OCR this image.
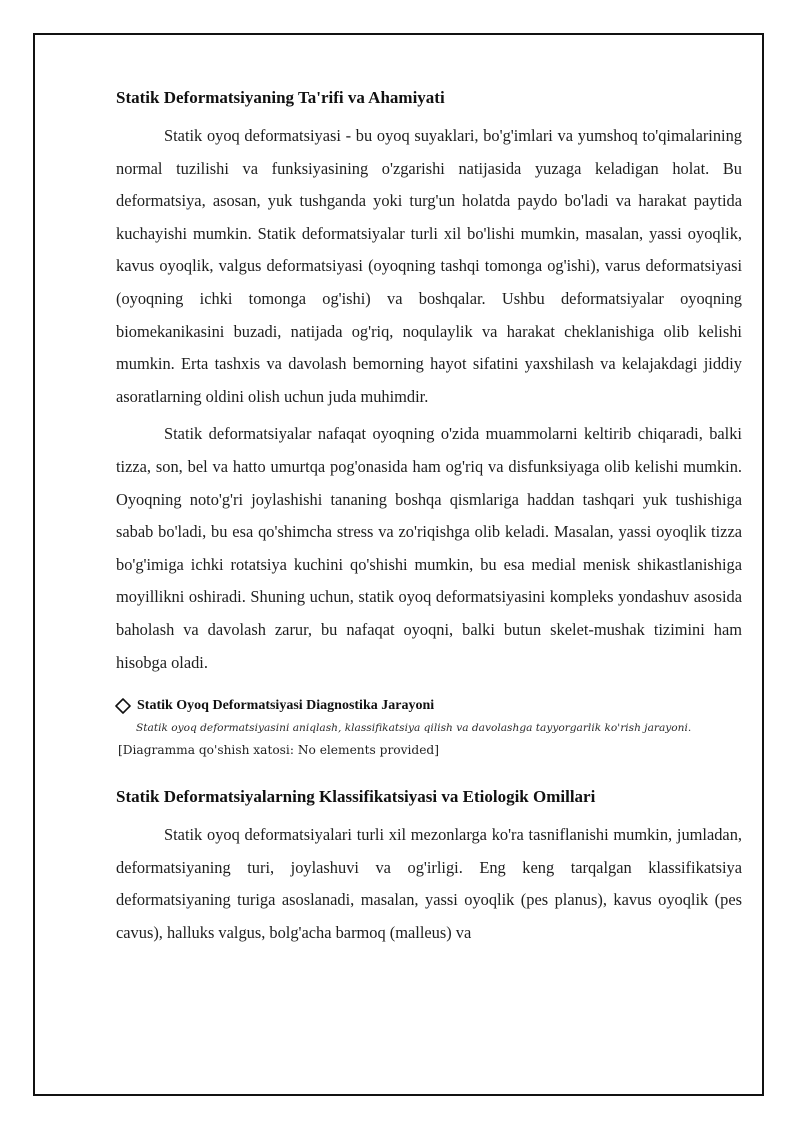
Statik Deformatsiyaning Ta'rifi va Ahamiyati

Statik oyoq deformatsiyasi - bu oyoq suyaklari, bo'g'imlari va yumshoq to'qimalarining normal tuzilishi va funksiyasining o'zgarishi natijasida yuzaga keladigan holat. Bu deformatsiya, asosan, yuk tushganda yoki turg'un holatda paydo bo'ladi va harakat paytida kuchayishi mumkin. Statik deformatsiyalar turli xil bo'lishi mumkin, masalan, yassi oyoqlik, kavus oyoqlik, valgus deformatsiyasi (oyoqning tashqi tomonga og'ishi), varus deformatsiyasi (oyoqning ichki tomonga og'ishi) va boshqalar. Ushbu deformatsiyalar oyoqning biomekanikasini buzadi, natijada og'riq, noqulaylik va harakat cheklanishiga olib kelishi mumkin. Erta tashxis va davolash bemorning hayot sifatini yaxshilash va kelajakdagi jiddiy asoratlarning oldini olish uchun juda muhimdir.

Statik deformatsiyalar nafaqat oyoqning o'zida muammolarni keltirib chiqaradi, balki tizza, son, bel va hatto umurtqa pog'onasida ham og'riq va disfunksiyaga olib kelishi mumkin. Oyoqning noto'g'ri joylashishi tananing boshqa qismlariga haddan tashqari yuk tushishiga sabab bo'ladi, bu esa qo'shimcha stress va zo'riqishga olib keladi. Masalan, yassi oyoqlik tizza bo'g'imiga ichki rotatsiya kuchini qo'shishi mumkin, bu esa medial menisk shikastlanishiga moyillikni oshiradi. Shuning uchun, statik oyoq deformatsiyasini kompleks yondashuv asosida baholash va davolash zarur, bu nafaqat oyoqni, balki butun skelet-mushak tizimini ham hisobga oladi.

Statik Oyoq Deformatsiyasi Diagnostika Jarayoni
Statik oyoq deformatsiyasini aniqlash, klassifikatsiya qilish va davolashga tayyorgarlik ko'rish jarayoni.
[Diagramma qo'shish xatosi: No elements provided]
Statik Deformatsiyalarning Klassifikatsiyasi va Etiologik Omillari

Statik oyoq deformatsiyalari turli xil mezonlarga ko'ra tasniflanishi mumkin, jumladan, deformatsiyaning turi, joylashuvi va og'irligi. Eng keng tarqalgan klassifikatsiya deformatsiyaning turiga asoslanadi, masalan, yassi oyoqlik (pes planus), kavus oyoqlik (pes cavus), halluks valgus, bolg'acha barmoq (malleus) va
